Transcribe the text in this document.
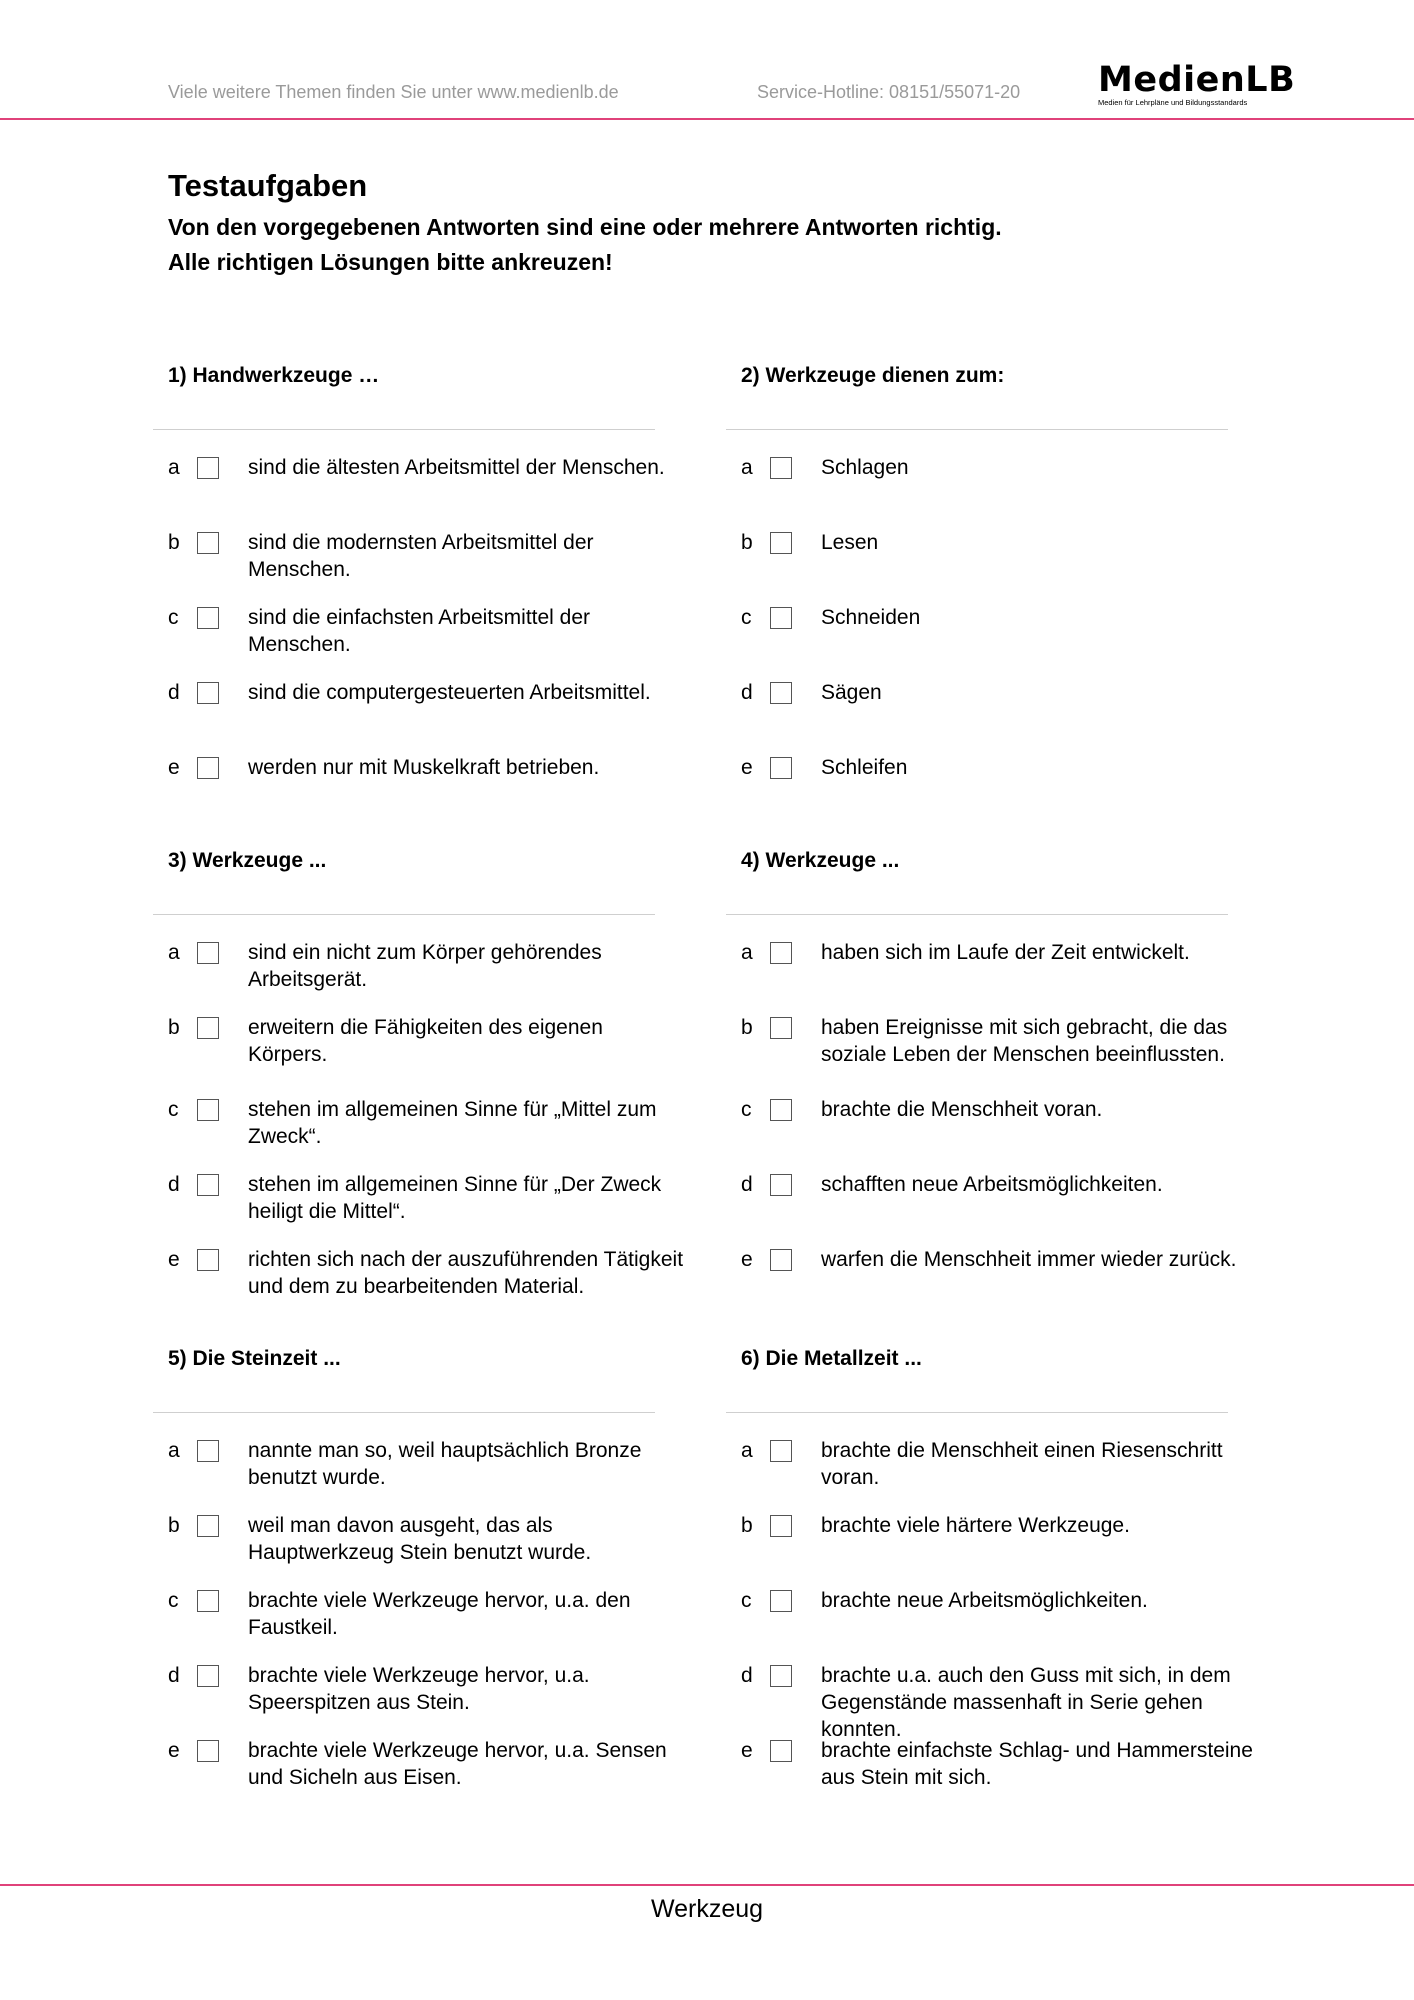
Viele weitere Themen finden Sie unter www.medienlb.de	Service-Hotline: 08151/55071-20 MedienLB
Medien für Lehrpläne und Bildungsstandards
Testaufgaben
Von den vorgegebenen Antworten sind eine oder mehrere Antworten richtig.
Alle richtigen Lösungen bitte ankreuzen!
1) Handwerkzeuge …
a	sind die ältesten Arbeitsmittel der Menschen.
b	sind die modernsten Arbeitsmittel der Menschen.
c	sind die einfachsten Arbeitsmittel der Menschen.
d	sind die computergesteuerten Arbeitsmittel.
e	werden nur mit Muskelkraft betrieben.
2) Werkzeuge dienen zum:
a	Schlagen
b	Lesen
c	Schneiden
d	Sägen
e	Schleifen
3) Werkzeuge ...
a	sind ein nicht zum Körper gehörendes Arbeitsgerät.
b	erweitern die Fähigkeiten des eigenen Körpers.
c	stehen im allgemeinen Sinne für „Mittel zum Zweck“.
d	stehen im allgemeinen Sinne für „Der Zweck heiligt die Mittel“.
e	richten sich nach der auszuführenden Tätigkeit und dem zu bearbeitenden Material.
4) Werkzeuge ...
a	haben sich im Laufe der Zeit entwickelt.
b	haben Ereignisse mit sich gebracht, die das soziale Leben der Menschen beeinflussten.
c	brachte die Menschheit voran.
d	schafften neue Arbeitsmöglichkeiten.
e	warfen die Menschheit immer wieder zurück.
5) Die Steinzeit ...
a	nannte man so, weil hauptsächlich Bronze benutzt wurde.
b	weil man davon ausgeht, das als Hauptwerkzeug Stein benutzt wurde.
c	brachte viele Werkzeuge hervor, u.a. den Faustkeil.
d	brachte viele Werkzeuge hervor, u.a. Speerspitzen aus Stein.
e	brachte viele Werkzeuge hervor, u.a. Sensen und Sicheln aus Eisen.
6) Die Metallzeit ...
a	brachte die Menschheit einen Riesenschritt voran.
b	brachte viele härtere Werkzeuge.
c	brachte neue Arbeitsmöglichkeiten.
d	brachte u.a. auch den Guss mit sich, in dem Gegenstände massenhaft in Serie gehen konnten.
e	brachte einfachste Schlag- und Hammersteine aus Stein mit sich.
Werkzeug
